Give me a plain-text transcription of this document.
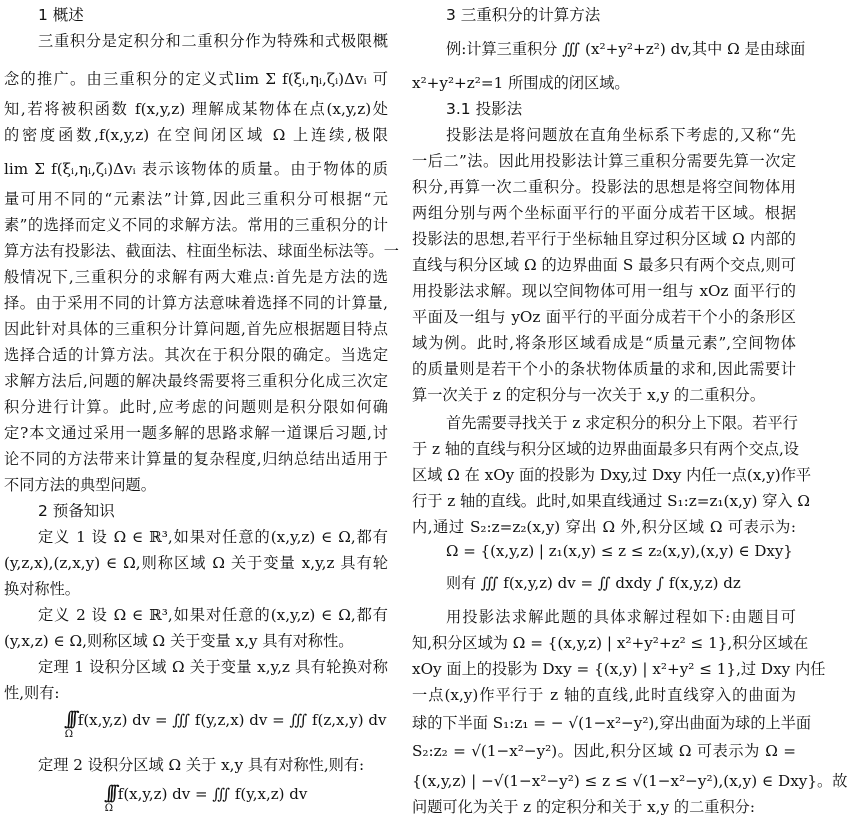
1 概述
三重积分是定积分和二重积分作为特殊和式极限概
念的推广。由三重积分的定义式lim Σ f(ξᵢ,ηᵢ,ζᵢ)Δvᵢ 可
知,若将被积函数 f(x,y,z) 理解成某物体在点(x,y,z)处
的密度函数,f(x,y,z) 在空间闭区域 Ω 上连续,极限
lim Σ f(ξᵢ,ηᵢ,ζᵢ)Δvᵢ 表示该物体的质量。由于物体的质
量可用不同的“元素法”计算,因此三重积分可根据“元
素”的选择而定义不同的求解方法。常用的三重积分的计
算方法有投影法、截面法、柱面坐标法、球面坐标法等。一
般情况下,三重积分的求解有两大难点:首先是方法的选
择。由于采用不同的计算方法意味着选择不同的计算量,
因此针对具体的三重积分计算问题,首先应根据题目特点
选择合适的计算方法。其次在于积分限的确定。当选定
求解方法后,问题的解决最终需要将三重积分化成三次定
积分进行计算。此时,应考虑的问题则是积分限如何确
定?本文通过采用一题多解的思路求解一道课后习题,讨
论不同的方法带来计算量的复杂程度,归纳总结出适用于
不同方法的典型问题。
2 预备知识
定义 1 设 Ω ∈ ℝ³,如果对任意的(x,y,z) ∈ Ω,都有
(y,z,x),(z,x,y) ∈ Ω,则称区域 Ω 关于变量 x,y,z 具有轮
换对称性。
定义 2 设 Ω ∈ ℝ³,如果对任意的(x,y,z) ∈ Ω,都有
(y,x,z) ∈ Ω,则称区域 Ω 关于变量 x,y 具有对称性。
定理 1 设积分区域 Ω 关于变量 x,y,z 具有轮换对称
性,则有:
$\int\int\int_\Omega$ f(x,y,z) dv = ∭ f(y,z,x) dv = ∭ f(z,x,y) dv
定理 2 设积分区域 Ω 关于 x,y 具有对称性,则有:
$\int\int\int_\Omega$ f(x,y,z) dv = ∭ f(y,x,z) dv
3 三重积分的计算方法
例:计算三重积分 ∭ (x²+y²+z²) dv,其中 Ω 是由球面
x²+y²+z²=1 所围成的闭区域。
3.1 投影法
投影法是将问题放在直角坐标系下考虑的,又称“先
一后二”法。因此用投影法计算三重积分需要先算一次定
积分,再算一次二重积分。投影法的思想是将空间物体用
两组分别与两个坐标面平行的平面分成若干区域。根据
投影法的思想,若平行于坐标轴且穿过积分区域 Ω 内部的
直线与积分区域 Ω 的边界曲面 S 最多只有两个交点,则可
用投影法求解。现以空间物体可用一组与 xOz 面平行的
平面及一组与 yOz 面平行的平面分成若干个小的条形区
域为例。此时,将条形区域看成是“质量元素”,空间物体
的质量则是若干个小的条状物体质量的求和,因此需要计
算一次关于 z 的定积分与一次关于 x,y 的二重积分。
首先需要寻找关于 z 求定积分的积分上下限。若平行
于 z 轴的直线与积分区域的边界曲面最多只有两个交点,设
区域 Ω 在 xOy 面的投影为 Dxy,过 Dxy 内任一点(x,y)作平
行于 z 轴的直线。此时,如果直线通过 S₁:z=z₁(x,y) 穿入 Ω
内,通过 S₂:z=z₂(x,y) 穿出 Ω 外,积分区域 Ω 可表示为:
Ω = {(x,y,z) | z₁(x,y) ≤ z ≤ z₂(x,y),(x,y) ∈ Dxy}
则有 ∭ f(x,y,z) dv = ∬ dxdy ∫ f(x,y,z) dz
用投影法求解此题的具体求解过程如下:由题目可
知,积分区域为 Ω = {(x,y,z) | x²+y²+z² ≤ 1},积分区域在
xOy 面上的投影为 Dxy = {(x,y) | x²+y² ≤ 1},过 Dxy 内任
一点(x,y)作平行于 z 轴的直线,此时直线穿入的曲面为
球的下半面 S₁:z₁ = − √(1−x²−y²),穿出曲面为球的上半面
S₂:z₂ = √(1−x²−y²)。因此,积分区域 Ω 可表示为 Ω =
{(x,y,z) | −√(1−x²−y²) ≤ z ≤ √(1−x²−y²),(x,y) ∈ Dxy}。故
问题可化为关于 z 的定积分和关于 x,y 的二重积分:
